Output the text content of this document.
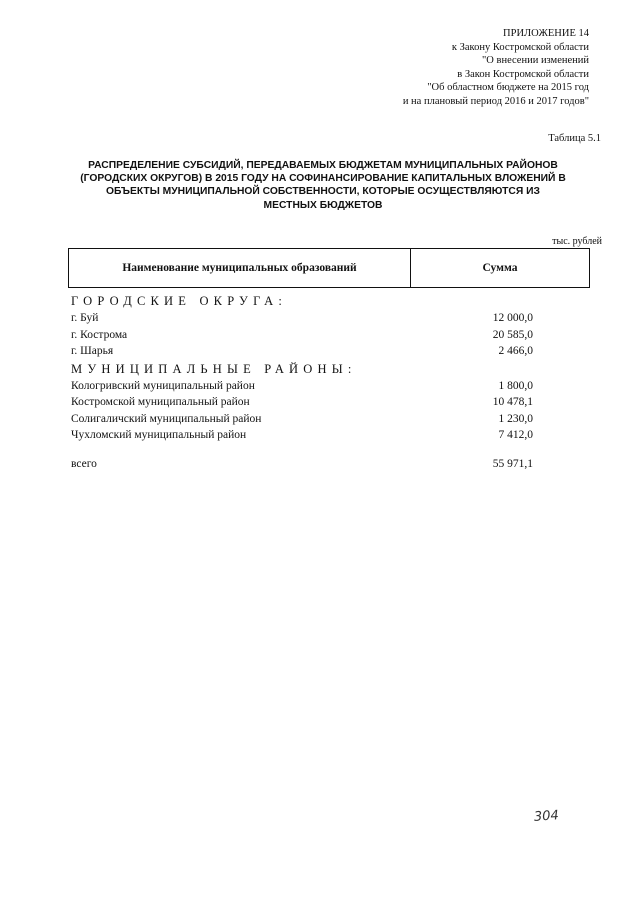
ПРИЛОЖЕНИЕ 14
к Закону Костромской области
"О внесении изменений
в Закон Костромской области
"Об областном бюджете на 2015 год
и на плановый период 2016 и 2017 годов"
Таблица 5.1
РАСПРЕДЕЛЕНИЕ СУБСИДИЙ, ПЕРЕДАВАЕМЫХ БЮДЖЕТАМ МУНИЦИПАЛЬНЫХ РАЙОНОВ
(ГОРОДСКИХ ОКРУГОВ) В 2015 ГОДУ НА СОФИНАНСИРОВАНИЕ КАПИТАЛЬНЫХ ВЛОЖЕНИЙ В
ОБЪЕКТЫ МУНИЦИПАЛЬНОЙ СОБСТВЕННОСТИ, КОТОРЫЕ ОСУЩЕСТВЛЯЮТСЯ ИЗ
МЕСТНЫХ БЮДЖЕТОВ
тыс. рублей
Наименование муниципальных образований	Сумма
ГОРОДСКИЕ ОКРУГА:
г. Буй	12 000,0
г. Кострома	20 585,0
г. Шарья	2 466,0
МУНИЦИПАЛЬНЫЕ РАЙОНЫ:
Кологривский муниципальный район	1 800,0
Костромской муниципальный район	10 478,1
Солигаличский муниципальный район	1 230,0
Чухломский муниципальный район	7 412,0
всего	55 971,1
304
